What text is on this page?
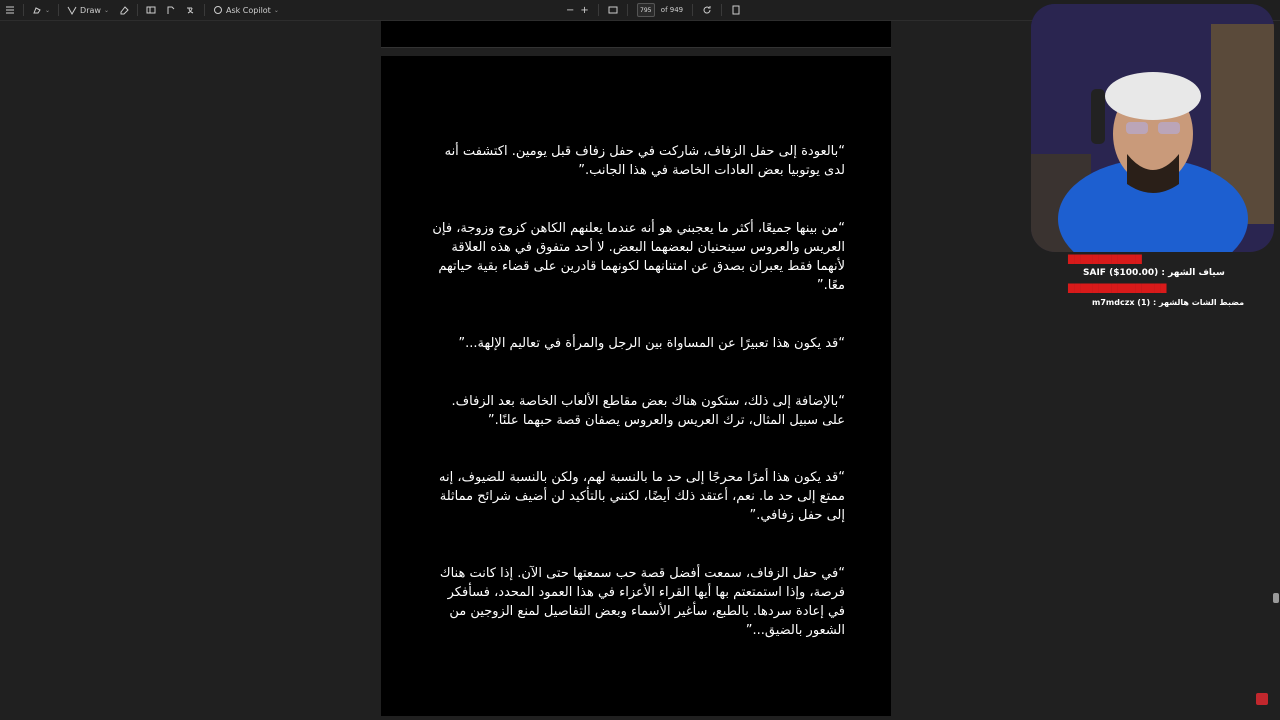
⌄	Draw ⌄	Ask Copilot ⌄	− +	795	of 949
“بالعودة إلى حفل الزفاف، شاركت في حفل زفاف قبل يومين. اكتشفت أنه لدى يوتوبيا بعض العادات الخاصة في هذا الجانب.”
“من بينها جميعًا، أكثر ما يعجبني هو أنه عندما يعلنهم الكاهن كزوج وزوجة، فإن العريس والعروس سينحنيان لبعضهما البعض. لا أحد متفوق في هذه العلاقة لأنهما فقط يعبران بصدق عن امتنانهما لكونهما قادرين على قضاء بقية حياتهم معًا.”
“قد يكون هذا تعبيرًا عن المساواة بين الرجل والمرأة في تعاليم الإلهة...”
“بالإضافة إلى ذلك، ستكون هناك بعض مقاطع الألعاب الخاصة بعد الزفاف. على سبيل المثال، ترك العريس والعروس يصفان قصة حبهما علنًا.”
“قد يكون هذا أمرًا محرجًا إلى حد ما بالنسبة لهم، ولكن بالنسبة للضيوف، إنه ممتع إلى حد ما. نعم، أعتقد ذلك أيضًا، لكنني بالتأكيد لن أضيف شرائح مماثلة إلى حفل زفافي.”
“في حفل الزفاف، سمعت أفضل قصة حب سمعتها حتى الآن. إذا كانت هناك فرصة، وإذا استمتعتم بها أيها القراء الأعزاء في هذا العمود المحدد، فسأفكر في إعادة سردها. بالطبع، سأغير الأسماء وبعض التفاصيل لمنع الزوجين من الشعور بالضيق...”
████████████
SAIF ($100.00) : سياف الشهر
████████████████
m7mdczx (1) : مضبط الشات هالشهر
